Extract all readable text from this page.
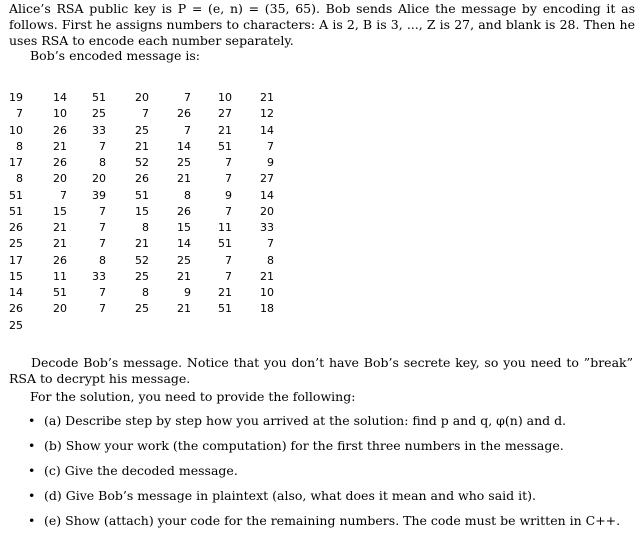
Alice’s RSA public key is P = (e, n) = (35, 65). Bob sends Alice the message by encoding it as follows. First he assigns numbers to characters: A is 2, B is 3, ..., Z is 27, and blank is 28. Then he uses RSA to encode each number separately.

Bob’s encoded message is:

19
7
10
8
17
8
51
51
26
25
17
15
14
26
25
14
10
26
21
26
20
7
15
21
21
26
11
51
20
51
25
33
7
8
20
39
7
7
7
8
33
7
7
20
7
25
21
52
26
51
15
8
21
52
25
8
25
7
26
7
14
25
21
8
26
15
14
25
21
9
21
10
27
21
51
7
7
9
7
11
51
7
7
21
51
21
12
14
7
9
27
14
20
33
7
8
21
10
18

Decode Bob’s message. Notice that you don’t have Bob’s secrete key, so you need to ”break” RSA to decrypt his message.

For the solution, you need to provide the following:

• (a) Describe step by step how you arrived at the solution: find p and q, φ(n) and d.
• (b) Show your work (the computation) for the first three numbers in the message.
• (c) Give the decoded message.
• (d) Give Bob’s message in plaintext (also, what does it mean and who said it).
• (e) Show (attach) your code for the remaining numbers. The code must be written in C++.
